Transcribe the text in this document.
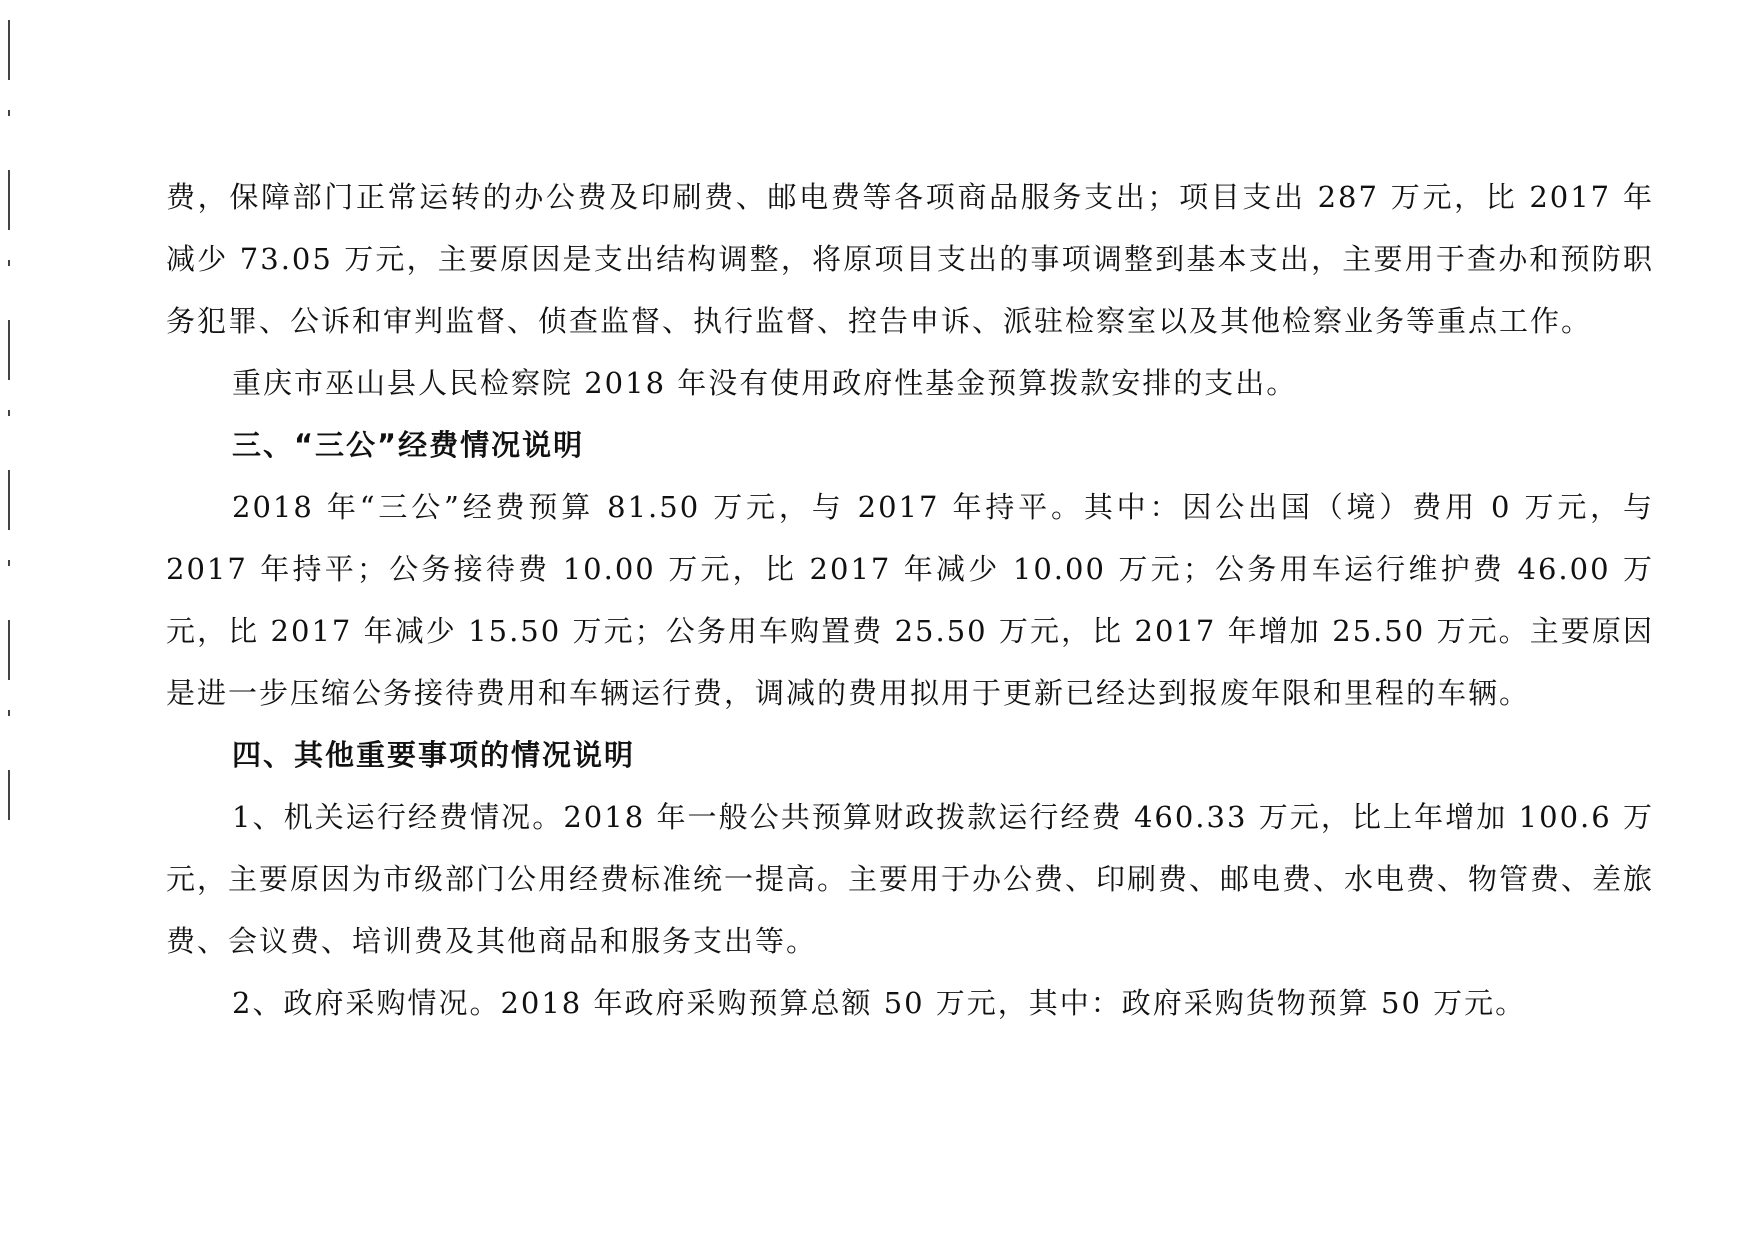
费，保障部门正常运转的办公费及印刷费、邮电费等各项商品服务支出；项目支出 287 万元，比 2017 年减少 73.05 万元，主要原因是支出结构调整，将原项目支出的事项调整到基本支出，主要用于查办和预防职务犯罪、公诉和审判监督、侦查监督、执行监督、控告申诉、派驻检察室以及其他检察业务等重点工作。

重庆市巫山县人民检察院 2018 年没有使用政府性基金预算拨款安排的支出。

三、“三公”经费情况说明

2018 年“三公”经费预算 81.50 万元，与 2017 年持平。其中：因公出国（境）费用 0 万元，与 2017 年持平；公务接待费 10.00 万元，比 2017 年减少 10.00 万元；公务用车运行维护费 46.00 万元，比 2017 年减少 15.50 万元；公务用车购置费 25.50 万元，比 2017 年增加 25.50 万元。主要原因是进一步压缩公务接待费用和车辆运行费，调减的费用拟用于更新已经达到报废年限和里程的车辆。

四、其他重要事项的情况说明

1、机关运行经费情况。2018 年一般公共预算财政拨款运行经费 460.33 万元，比上年增加 100.6 万元，主要原因为市级部门公用经费标准统一提高。主要用于办公费、印刷费、邮电费、水电费、物管费、差旅费、会议费、培训费及其他商品和服务支出等。

2、政府采购情况。2018 年政府采购预算总额 50 万元，其中：政府采购货物预算 50 万元。
